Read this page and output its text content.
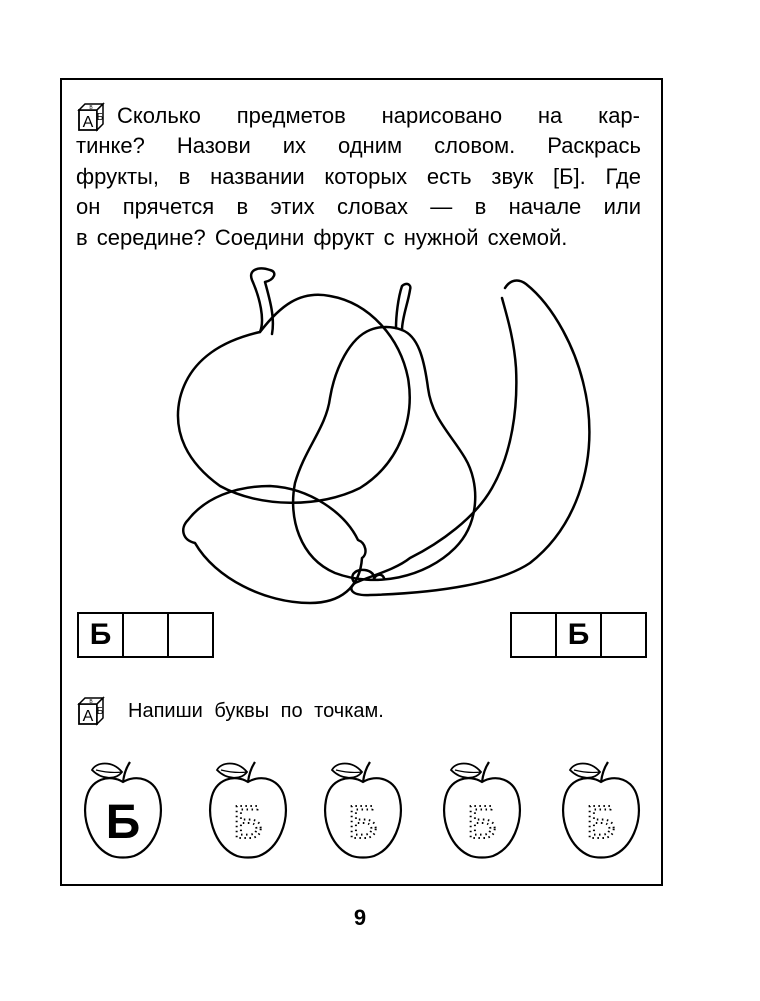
A Б
В Сколько предметов нарисовано на кар-
тинке? Назови их одним словом. Раскрась
фрукты, в названии которых есть звук [Б]. Где
он прячется в этих словах — в начале или
в середине? Соедини фрукт с нужной схемой.
Б	Б
A Б
В Напиши буквы по точкам.
Б Б Б Б Б
9
